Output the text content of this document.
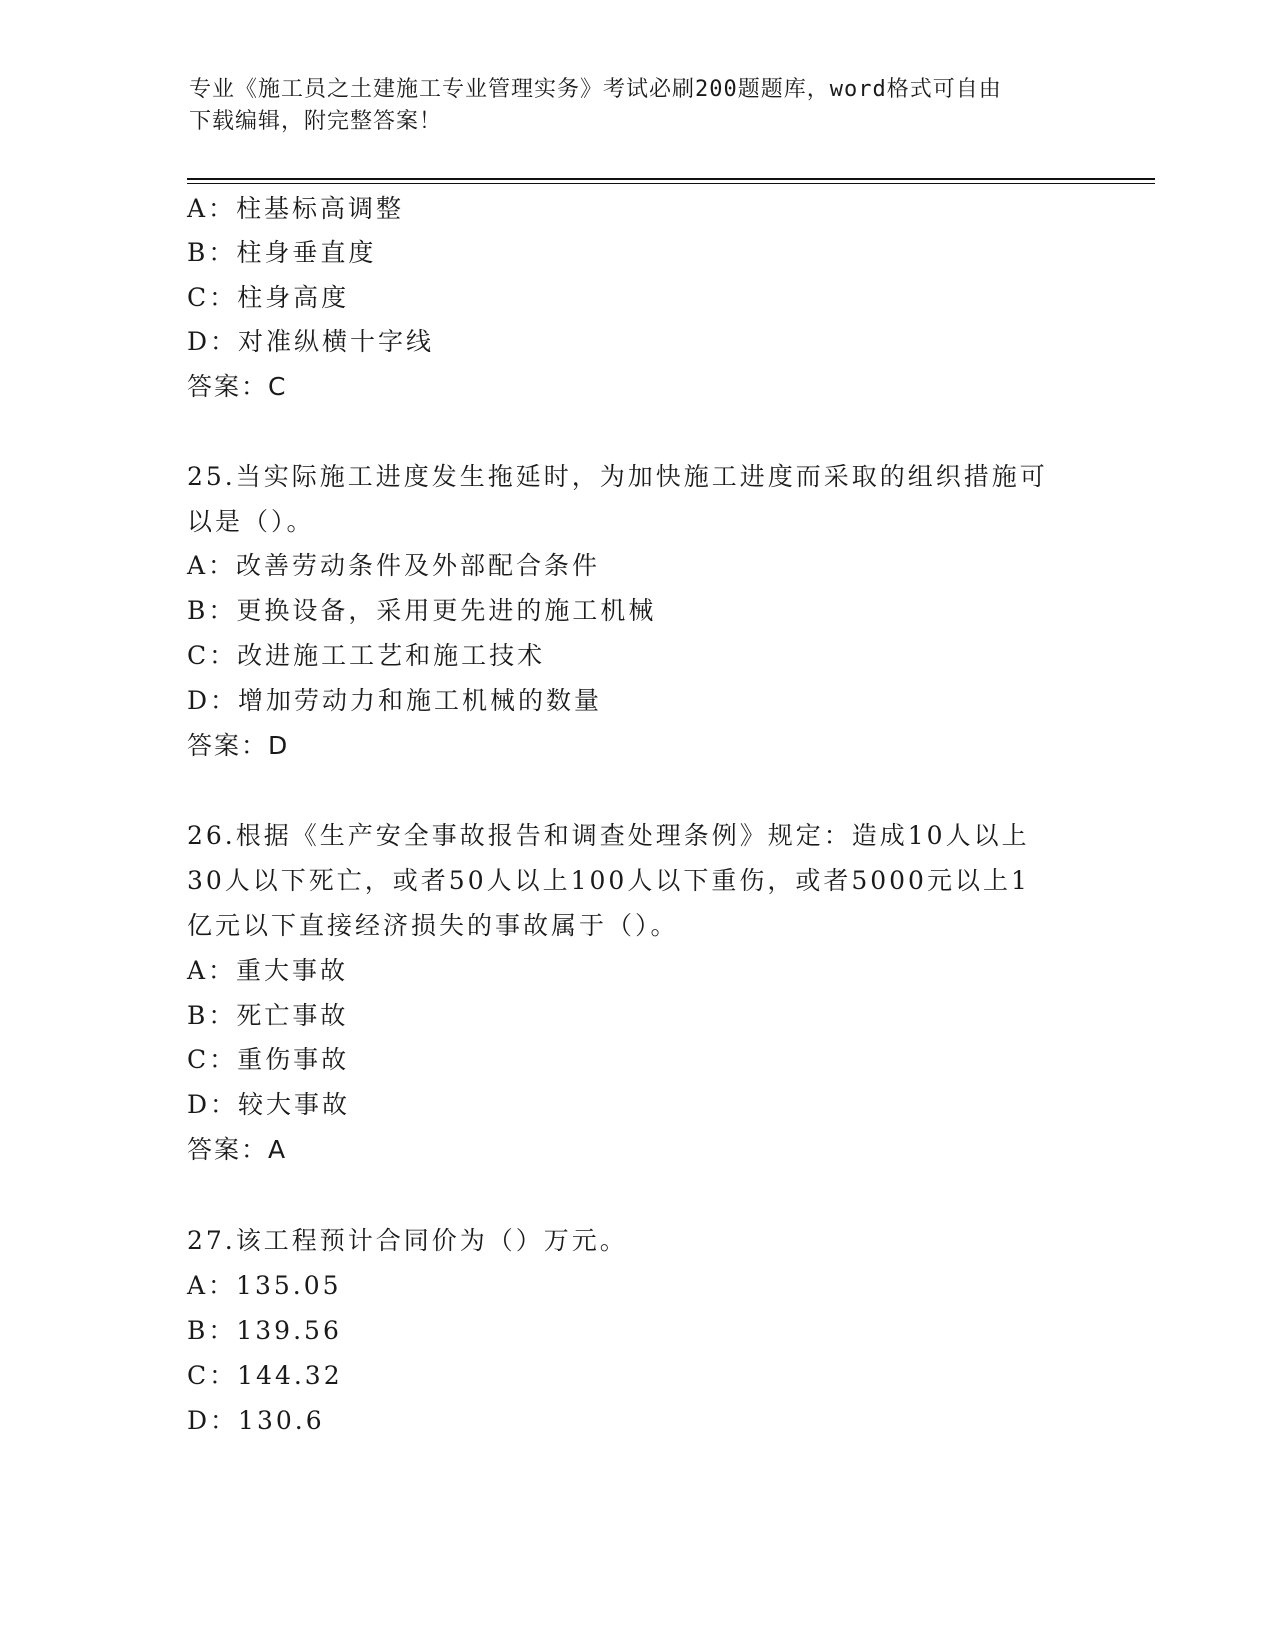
专业《施工员之土建施工专业管理实务》考试必刷200题题库，word格式可自由
下载编辑，附完整答案！
A：柱基标高调整
B：柱身垂直度
C：柱身高度
D：对准纵横十字线
答案：C
25.当实际施工进度发生拖延时，为加快施工进度而采取的组织措施可
以是（）。
A：改善劳动条件及外部配合条件
B：更换设备，采用更先进的施工机械
C：改进施工工艺和施工技术
D：增加劳动力和施工机械的数量
答案：D
26.根据《生产安全事故报告和调查处理条例》规定：造成10人以上
30人以下死亡，或者50人以上100人以下重伤，或者5000元以上1
亿元以下直接经济损失的事故属于（）。
A：重大事故
B：死亡事故
C：重伤事故
D：较大事故
答案：A
27.该工程预计合同价为（）万元。
A：135.05
B：139.56
C：144.32
D：130.6
